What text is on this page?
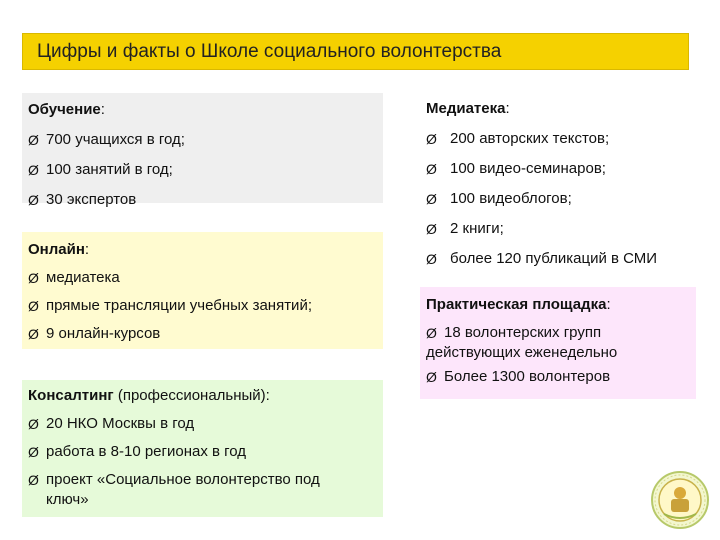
Цифры и факты о Школе социального волонтерства
Обучение:
Ø 700 учащихся в год;
Ø 100 занятий в год;
Ø 30 экспертов
Онлайн:
Ø медиатека
Ø прямые трансляции учебных занятий;
Ø 9 онлайн-курсов
Консалтинг (профессиональный):
Ø 20 НКО Москвы в год
Ø работа в 8-10 регионах в год
Ø проект «Социальное волонтерство под ключ»
Медиатека:
Ø 200 авторских текстов;
Ø 100 видео-семинаров;
Ø 100 видеоблогов;
Ø 2 книги;
Ø более 120 публикаций в СМИ
Практическая площадка:
Ø 18 волонтерских групп
действующих еженедельно
Ø Более 1300 волонтеров
